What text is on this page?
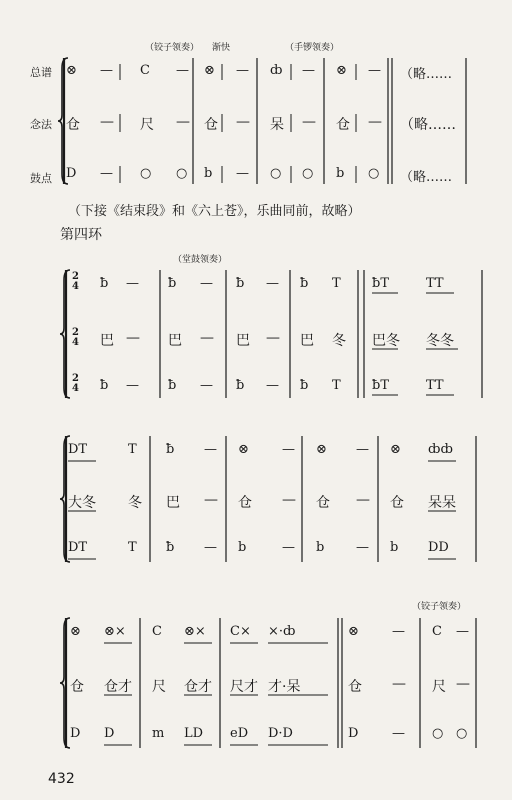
（铰子领奏） 渐快	（手锣领奏）
总谱
念法
鼓点
（下接《结束段》和《六上苍》，乐曲同前，故略）
第四环
（堂鼓领奏）
（铰子领奏）
2
4
2
4
2
4
⊗ — C — ⊗ — ȸ — ⊗ — （略……
仓 — 尺 — 仓 — 呆 — 仓 — （略……
D — ○ ○ b — ○ ○ b ○ （略……
ƀ — ƀ — ƀ — ƀ T ƀT	TT
巴 — 巴 — 巴 — 巴 冬 巴冬 冬冬
ƀ — ƀ — ƀ — ƀ T ƀT	TT
DT	T ƀ — ⊗	— ⊗ — ⊗ ȸȸ
大冬 冬 巴 — 仓 — 仓 — 仓 呆呆
DT	T ƀ — b	— b — b DD
⊗ ⊗× C ⊗× C× ×·ȸ	⊗	— C —
仓 仓才 尺 仓才 尺才 才·呆	仓 — 尺 —
D D	m LD eD D·D	D	— ○ ○
432
